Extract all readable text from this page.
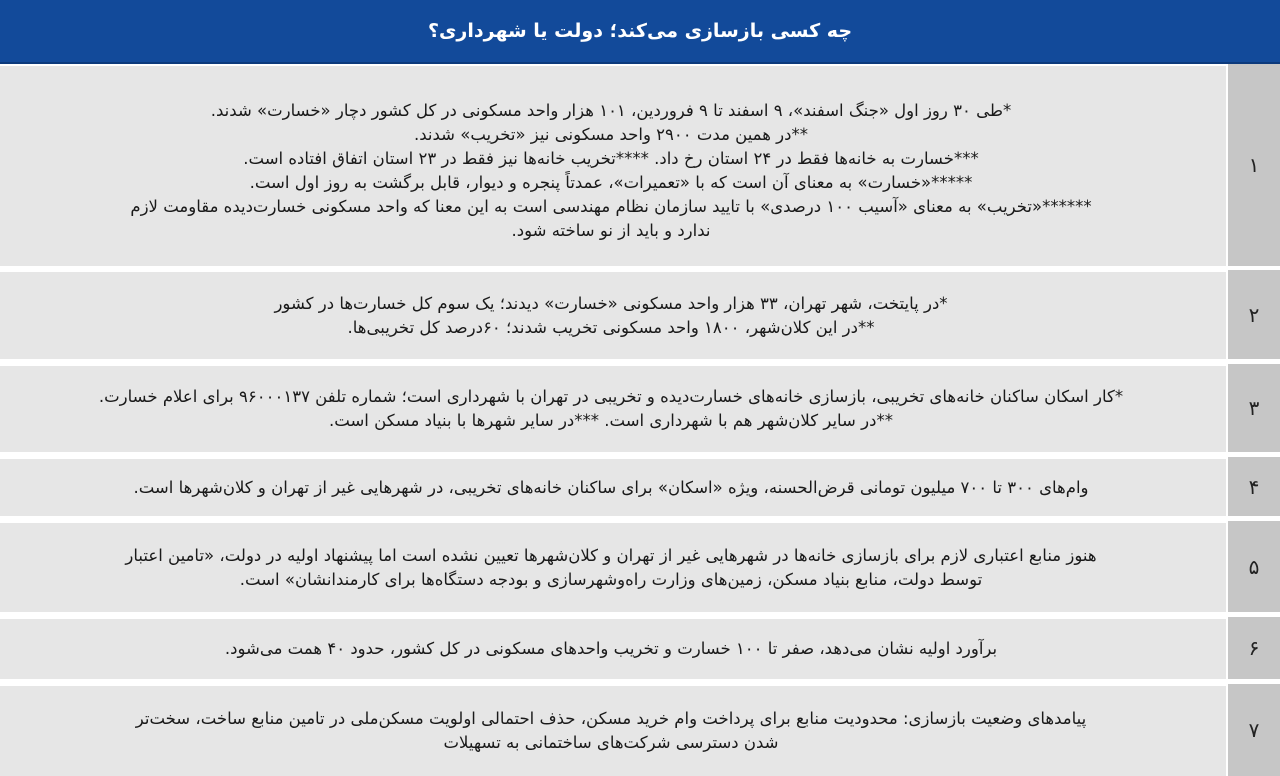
چه کسی بازسازی می‌کند؛ دولت یا شهرداری؟
۱
*طی ۳۰ روز اول «جنگ اسفند»، ۹ اسفند تا ۹ فروردین، ۱۰۱ هزار واحد مسکونی در کل کشور دچار «خسارت» شدند.
**در همین مدت ۲۹۰۰ واحد مسکونی نیز «تخریب» شدند.
***خسارت به خانه‌ها فقط در ۲۴ استان رخ داد. ****تخریب خانه‌ها نیز فقط در ۲۳ استان اتفاق افتاده است.
*****«خسارت» به معنای آن است که با «تعمیرات»، عمدتاً پنجره و دیوار، قابل برگشت به روز اول است.
******«تخریب» به معنای «آسیب ۱۰۰ درصدی» با تایید سازمان نظام مهندسی است به این معنا که واحد مسکونی خسارت‌دیده مقاومت لازم
ندارد و باید از نو ساخته شود.
۲
*در پایتخت، شهر تهران، ۳۳ هزار واحد مسکونی «خسارت» دیدند؛ یک سوم کل خسارت‌ها در کشور
**در این کلان‌شهر، ۱۸۰۰ واحد مسکونی تخریب شدند؛ ۶۰درصد کل تخریبی‌ها.
۳
*کار اسکان ساکنان خانه‌های تخریبی، بازسازی خانه‌های خسارت‌دیده و تخریبی در تهران با شهرداری است؛ شماره تلفن ۹۶۰۰۰۱۳۷ برای اعلام خسارت.
**در سایر کلان‌شهر هم با شهرداری است. ***در سایر شهرها با بنیاد مسکن است.
۴
وام‌های ۳۰۰ تا ۷۰۰ میلیون تومانی قرض‌الحسنه، ویژه «اسکان» برای ساکنان خانه‌های تخریبی، در شهرهایی غیر از تهران و کلان‌شهرها است.
۵
هنوز منابع اعتباری لازم برای بازسازی خانه‌ها در شهرهایی غیر از تهران و کلان‌شهرها تعیین نشده است اما پیشنهاد اولیه در دولت، «تامین اعتبار
توسط دولت، منابع بنیاد مسکن، زمین‌های وزارت راه‌وشهرسازی و بودجه دستگاه‌ها برای کارمندانشان» است.
۶
برآورد اولیه نشان می‌دهد، صفر تا ۱۰۰ خسارت و تخریب واحدهای مسکونی در کل کشور، حدود ۴۰ همت می‌شود.
۷
پیامدهای وضعیت بازسازی: محدودیت منابع برای پرداخت وام خرید مسکن، حذف احتمالی اولویت مسکن‌ملی در تامین منابع ساخت، سخت‌تر
شدن دسترسی شرکت‌های ساختمانی به تسهیلات
